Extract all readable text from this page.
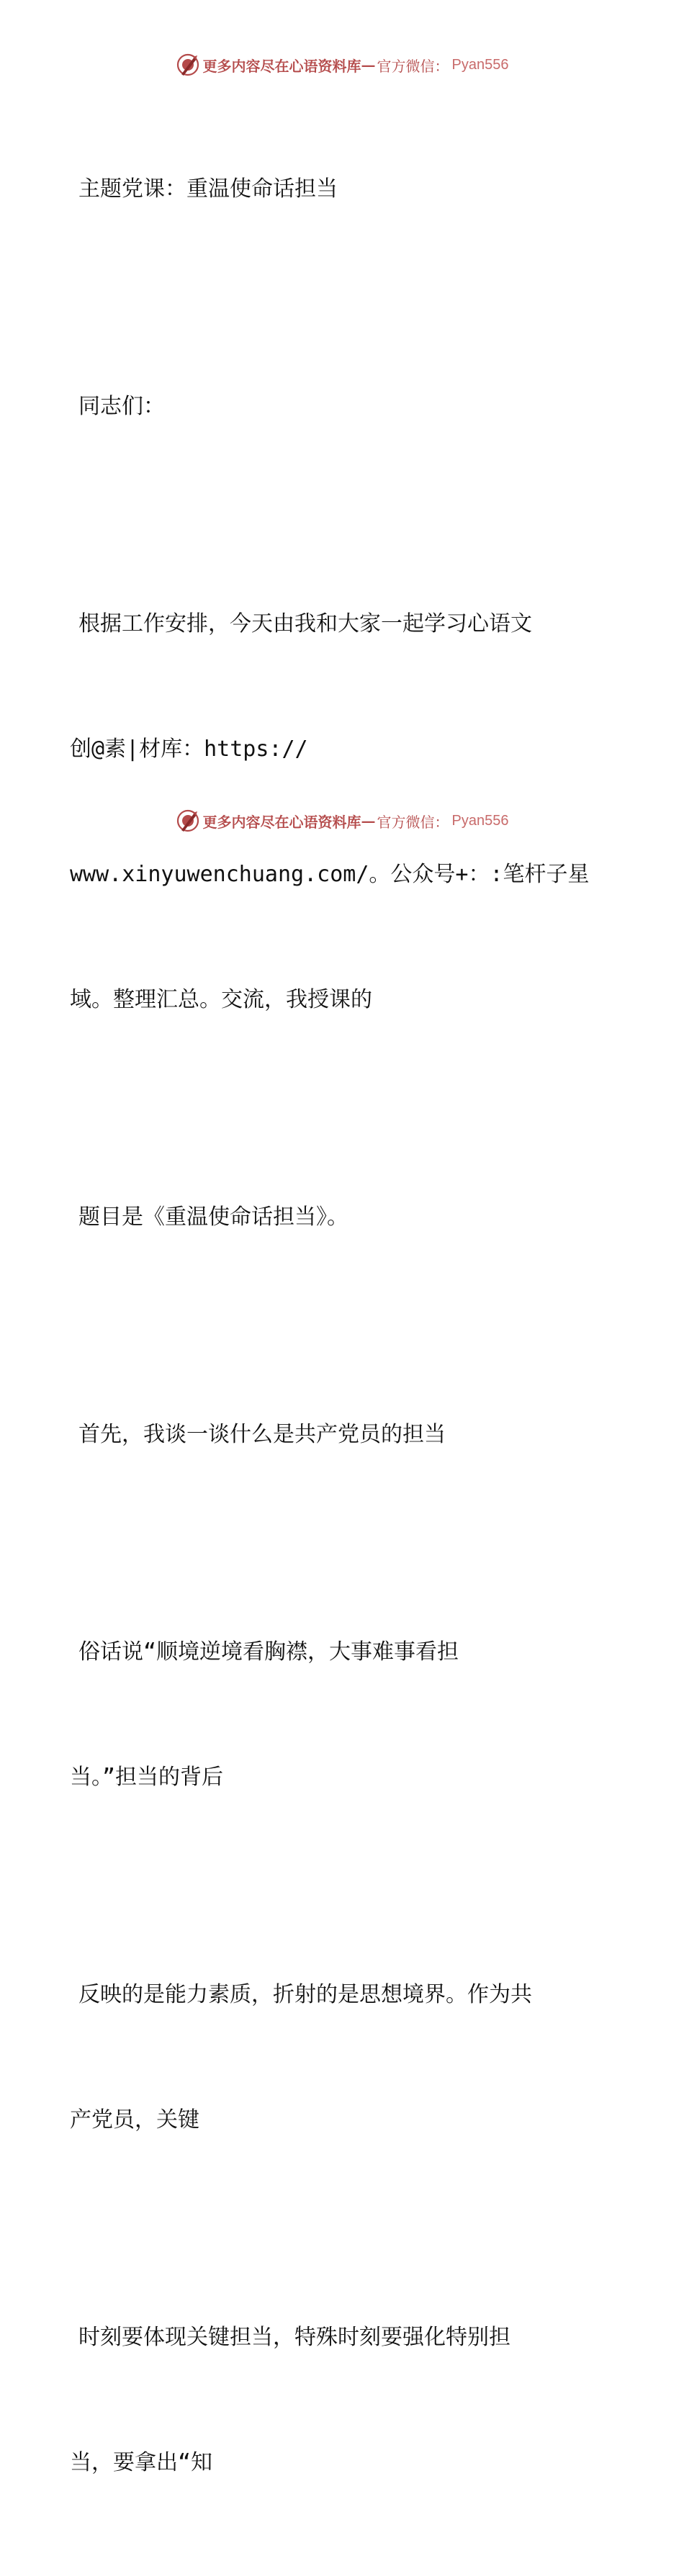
更多内容尽在心语资料库 — 官方微信： Pyan556

主题党课：重温使命话担当

同志们：

根据工作安排，今天由我和大家一起学习心语文

创@素|材库：https://

www.xinyuwenchuang.com/。公众号+：:笔杆子星

域。整理汇总。交流，我授课的

题目是《重温使命话担当》。

首先，我谈一谈什么是共产党员的担当

俗话说“顺境逆境看胸襟，大事难事看担

当。”担当的背后

反映的是能力素质，折射的是思想境界。作为共

产党员，关键

时刻要体现关键担当，特殊时刻要强化特别担

当，要拿出“知

更多内容尽在心语资料库 — 官方微信： Pyan556
